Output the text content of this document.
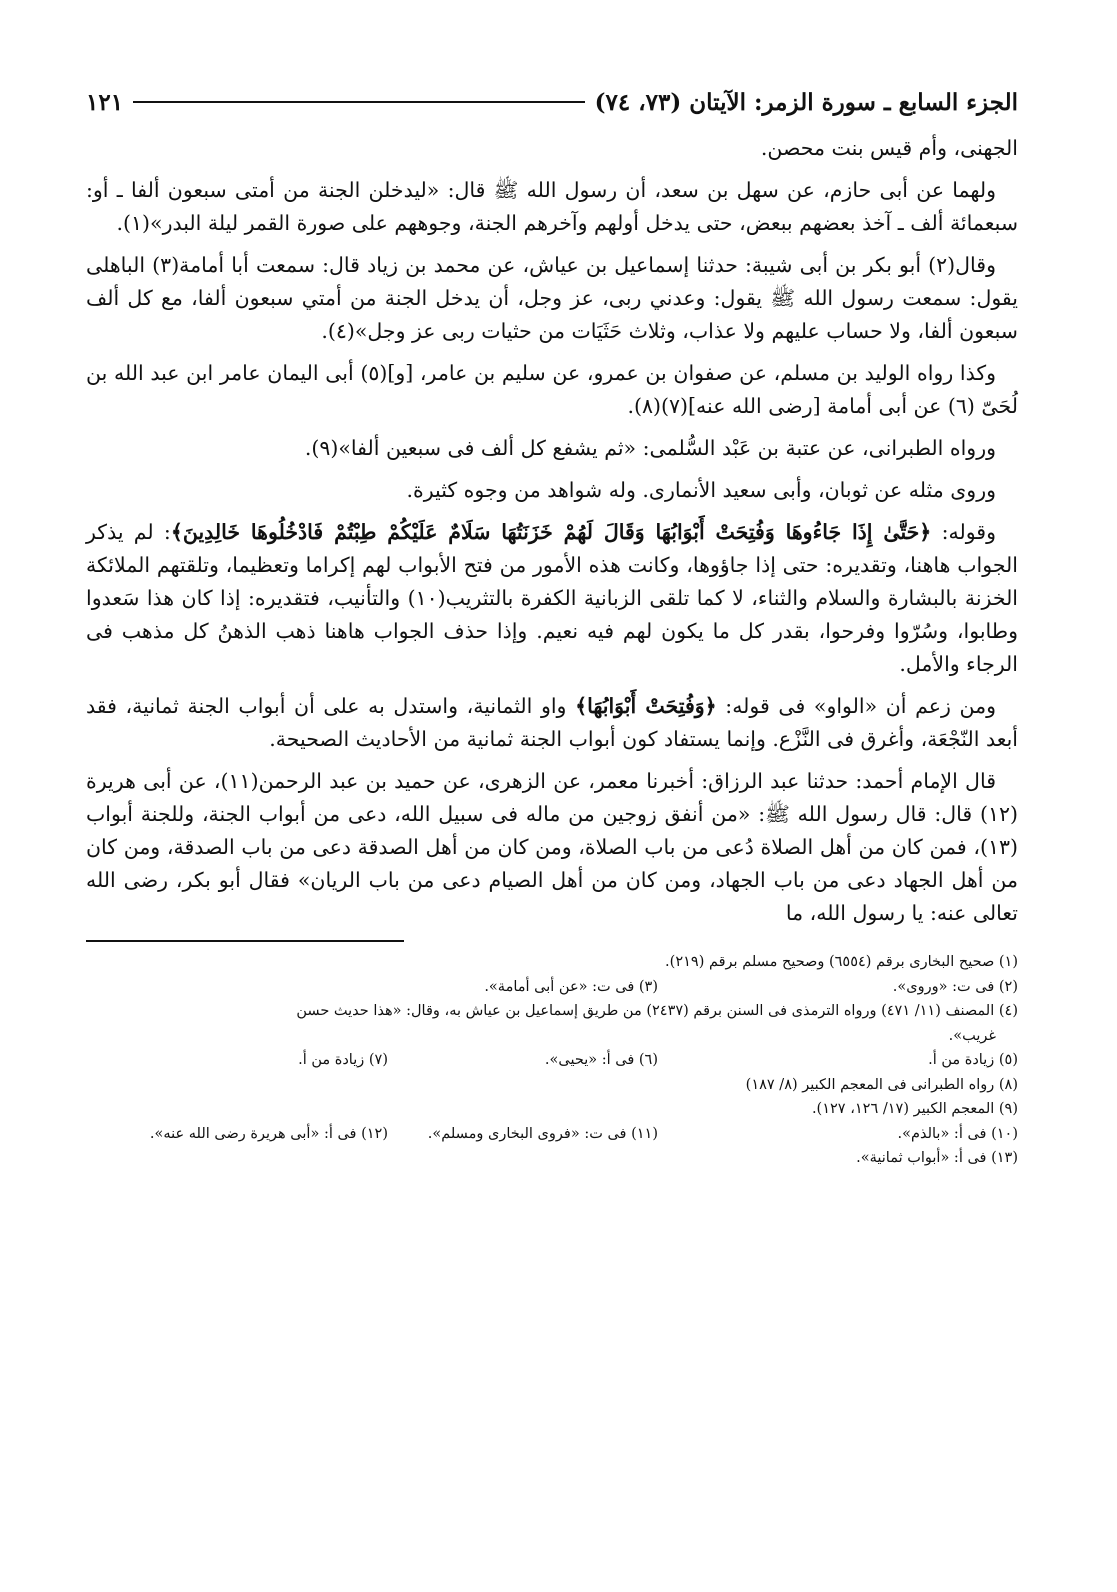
الجزء السابع ـ سورة الزمر: الآيتان (٧٣، ٧٤)
١٢١

الجهنى، وأم قيس بنت محصن.

ولهما عن أبى حازم، عن سهل بن سعد، أن رسول الله ﷺ قال: «ليدخلن الجنة من أمتى سبعون ألفا ـ أو: سبعمائة ألف ـ آخذ بعضهم ببعض، حتى يدخل أولهم وآخرهم الجنة، وجوههم على صورة القمر ليلة البدر»(١).

وقال(٢) أبو بكر بن أبى شيبة: حدثنا إسماعيل بن عياش، عن محمد بن زياد قال: سمعت أبا أمامة(٣) الباهلى يقول: سمعت رسول الله ﷺ يقول: وعدني ربى، عز وجل، أن يدخل الجنة من أمتي سبعون ألفا، مع كل ألف سبعون ألفا، ولا حساب عليهم ولا عذاب، وثلاث حَثَيَات من حثيات ربى عز وجل»(٤).

وكذا رواه الوليد بن مسلم، عن صفوان بن عمرو، عن سليم بن عامر، [و](٥) أبى اليمان عامر ابن عبد الله بن لُحَىّ (٦) عن أبى أمامة [رضى الله عنه](٧)(٨).

ورواه الطبرانى، عن عتبة بن عَبْد السُّلمى: «ثم يشفع كل ألف فى سبعين ألفا»(٩).

وروى مثله عن ثوبان، وأبى سعيد الأنمارى. وله شواهد من وجوه كثيرة.

وقوله: ﴿حَتَّىٰ إِذَا جَاءُوهَا وَفُتِحَتْ أَبْوَابُهَا وَقَالَ لَهُمْ خَزَنَتُهَا سَلَامٌ عَلَيْكُمْ طِبْتُمْ فَادْخُلُوهَا خَالِدِينَ﴾: لم يذكر الجواب هاهنا، وتقديره: حتى إذا جاؤوها، وكانت هذه الأمور من فتح الأبواب لهم إكراما وتعظيما، وتلقتهم الملائكة الخزنة بالبشارة والسلام والثناء، لا كما تلقى الزبانية الكفرة بالتثريب(١٠) والتأنيب، فتقديره: إذا كان هذا سَعدوا وطابوا، وسُرّوا وفرحوا، بقدر كل ما يكون لهم فيه نعيم. وإذا حذف الجواب هاهنا ذهب الذهنُ كل مذهب فى الرجاء والأمل.

ومن زعم أن «الواو» فى قوله: ﴿وَفُتِحَتْ أَبْوَابُهَا﴾ واو الثمانية، واستدل به على أن أبواب الجنة ثمانية، فقد أبعد النّجْعَة، وأغرق فى النَّزْع. وإنما يستفاد كون أبواب الجنة ثمانية من الأحاديث الصحيحة.

قال الإمام أحمد: حدثنا عبد الرزاق: أخبرنا معمر، عن الزهرى، عن حميد بن عبد الرحمن(١١)، عن أبى هريرة (١٢) قال: قال رسول الله ﷺ: «من أنفق زوجين من ماله فى سبيل الله، دعى من أبواب الجنة، وللجنة أبواب (١٣)، فمن كان من أهل الصلاة دُعى من باب الصلاة، ومن كان من أهل الصدقة دعى من باب الصدقة، ومن كان من أهل الجهاد دعى من باب الجهاد، ومن كان من أهل الصيام دعى من باب الريان» فقال أبو بكر، رضى الله تعالى عنه: يا رسول الله، ما

(١) صحيح البخارى برقم (٦٥٥٤) وصحيح مسلم برقم (٢١٩).

(٢) فى ت: «وروى».
(٣) فى ت: «عن أبى أمامة».

(٤) المصنف (١١/ ٤٧١) ورواه الترمذى فى السنن برقم (٢٤٣٧) من طريق إسماعيل بن عياش به، وقال: «هذا حديث حسن

غريب».

(٥) زيادة من أ.
(٦) فى أ: «يحيى».
(٧) زيادة من أ.

(٨) رواه الطبرانى فى المعجم الكبير (٨/ ١٨٧)

(٩) المعجم الكبير (١٧/ ١٢٦، ١٢٧).

(١٠) فى أ: «بالذم».
(١١) فى ت: «فروى البخارى ومسلم».
(١٢) فى أ: «أبى هريرة رضى الله عنه».

(١٣) فى أ: «أبواب ثمانية».
